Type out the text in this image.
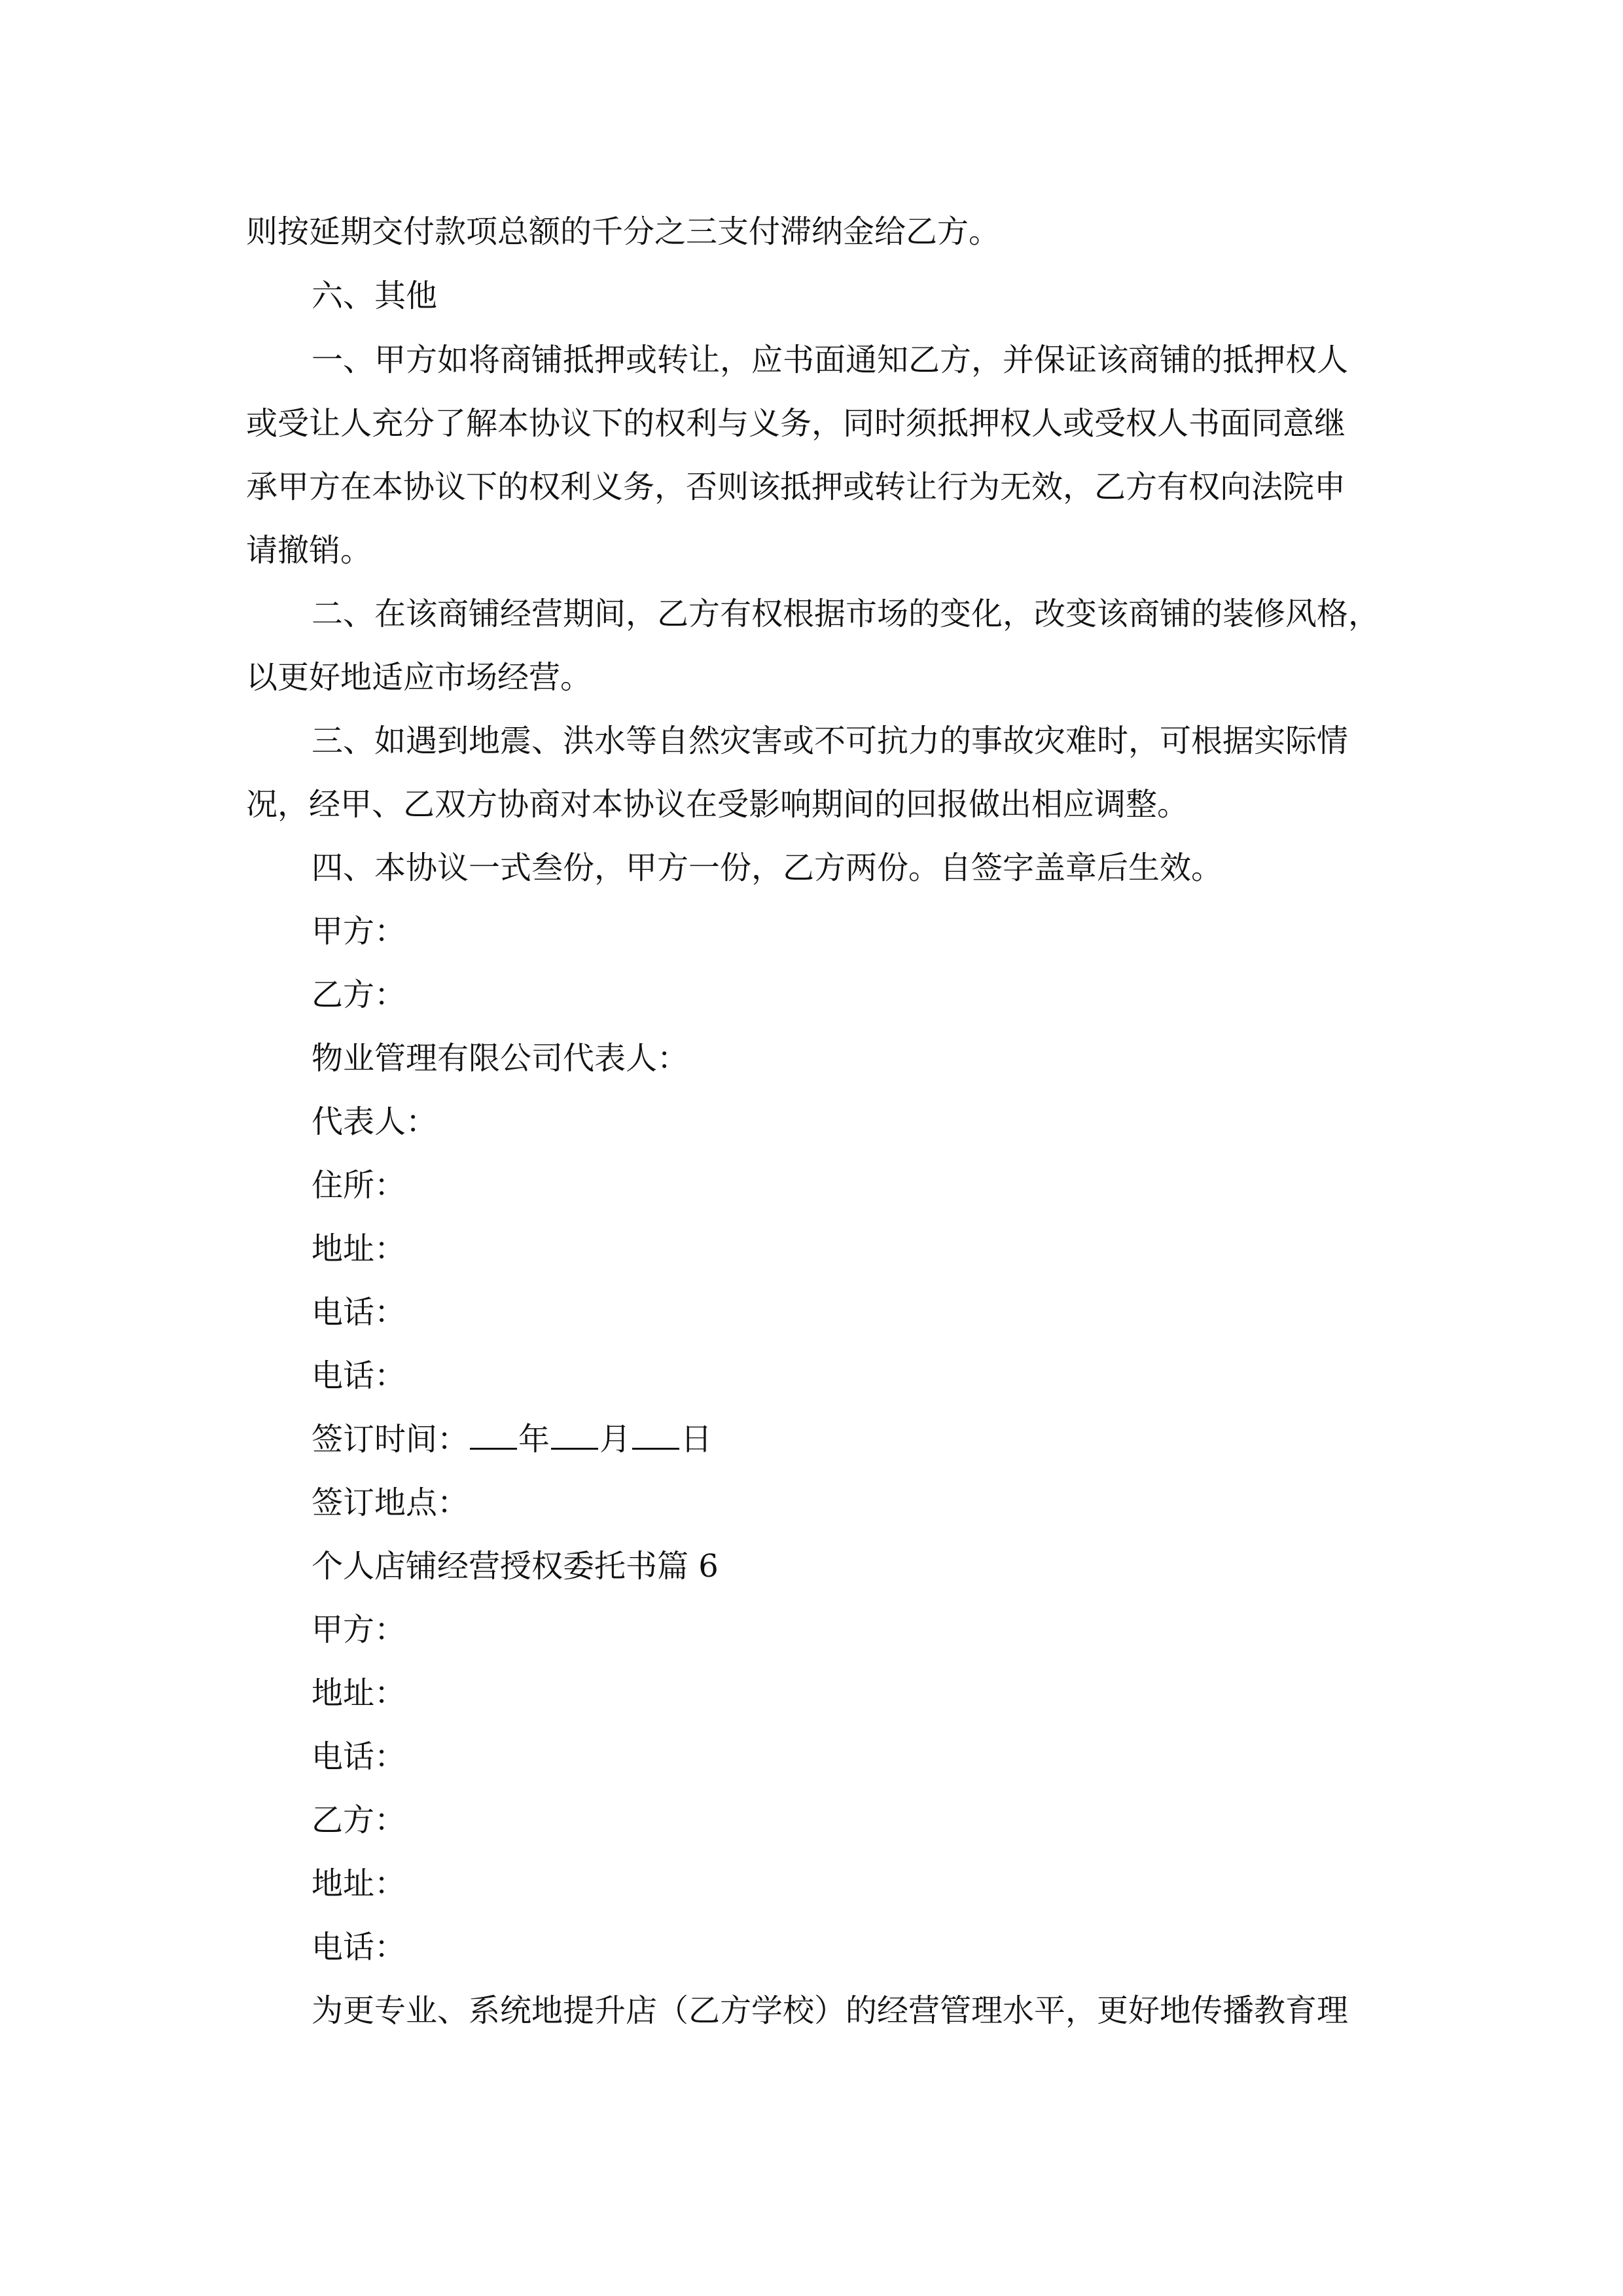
则按延期交付款项总额的千分之三支付滞纳金给乙方。
六、其他
一、甲方如将商铺抵押或转让，应书面通知乙方，并保证该商铺的抵押权人
或受让人充分了解本协议下的权利与义务，同时须抵押权人或受权人书面同意继
承甲方在本协议下的权利义务，否则该抵押或转让行为无效，乙方有权向法院申
请撤销。
二、在该商铺经营期间，乙方有权根据市场的变化，改变该商铺的装修风格，
以更好地适应市场经营。
三、如遇到地震、洪水等自然灾害或不可抗力的事故灾难时，可根据实际情
况，经甲、乙双方协商对本协议在受影响期间的回报做出相应调整。
四、本协议一式叁份，甲方一份，乙方两份。自签字盖章后生效。
甲方：
乙方：
物业管理有限公司代表人：
代表人：
住所：
地址：
电话：
电话：
签订时间： 年 月 日
签订地点：
个人店铺经营授权委托书篇 6
甲方：
地址：
电话：
乙方：
地址：
电话：
为更专业、系统地提升店（乙方学校）的经营管理水平，更好地传播教育理
